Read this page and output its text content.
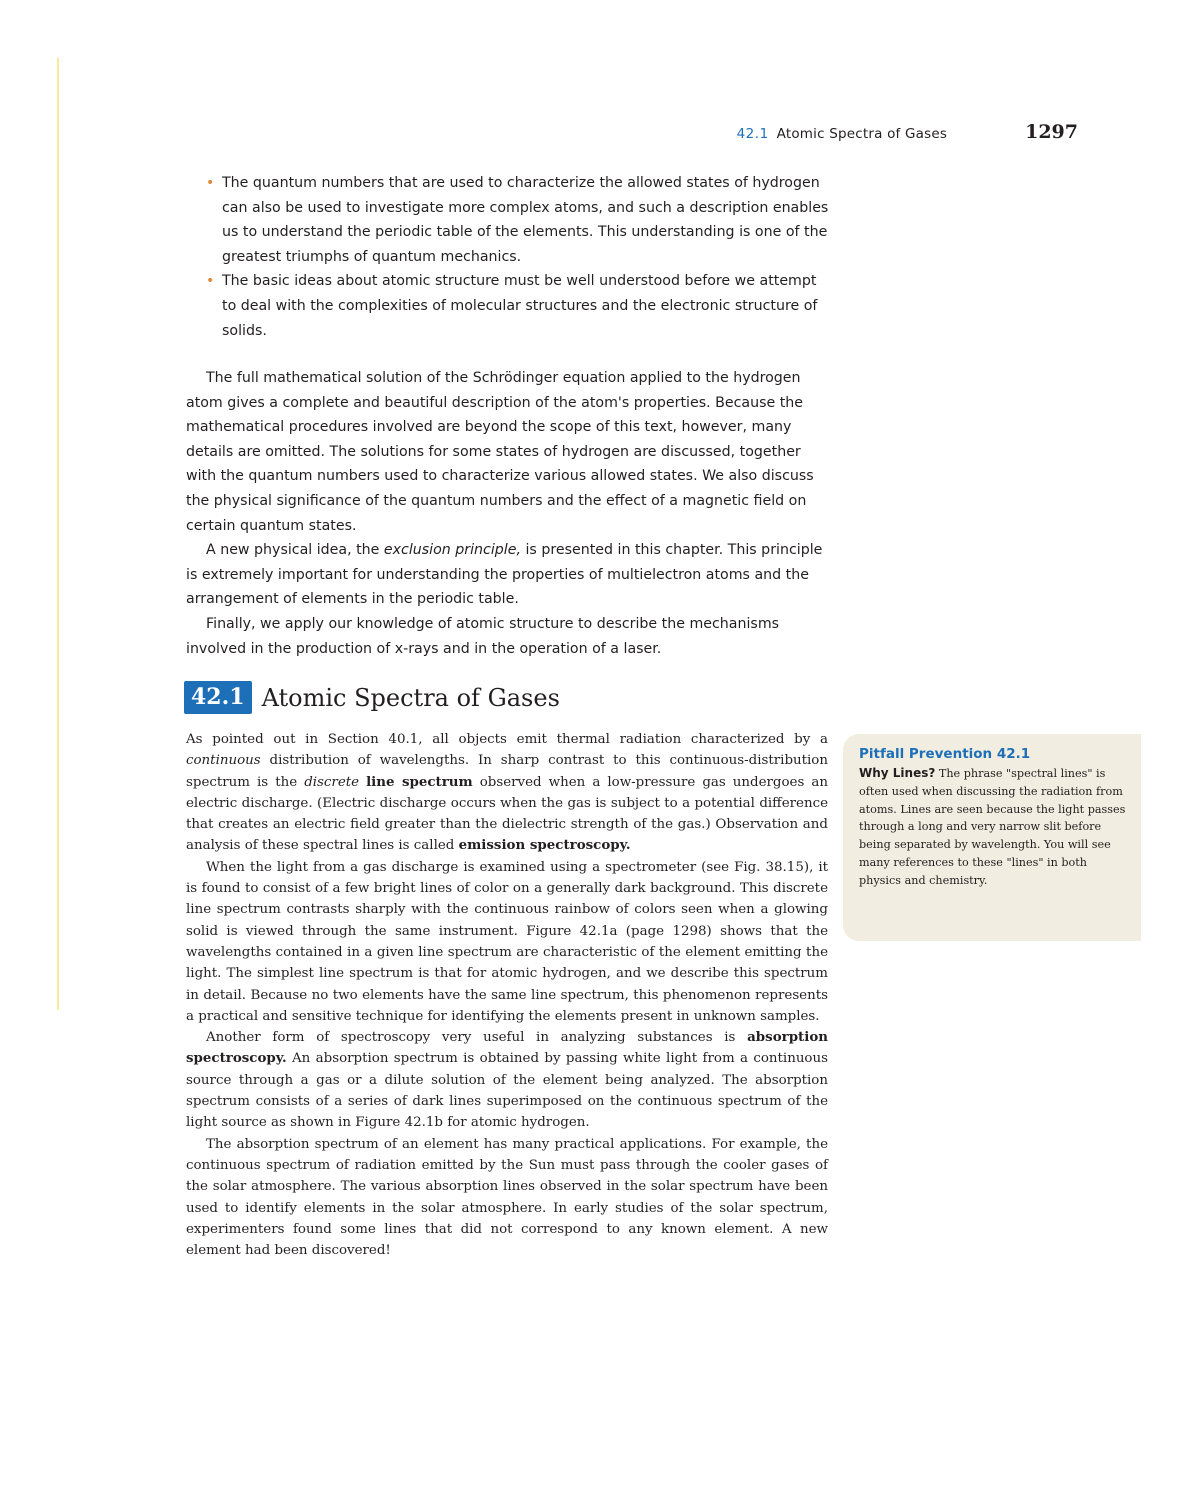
42.1 Atomic Spectra of Gases	1297

• The quantum numbers that are used to characterize the allowed states of hydrogen can also be used to investigate more complex atoms, and such a description enables us to understand the periodic table of the elements. This understanding is one of the greatest triumphs of quantum mechanics.

• The basic ideas about atomic structure must be well understood before we attempt to deal with the complexities of molecular structures and the electronic structure of solids.

The full mathematical solution of the Schrödinger equation applied to the hydrogen atom gives a complete and beautiful description of the atom's properties. Because the mathematical procedures involved are beyond the scope of this text, however, many details are omitted. The solutions for some states of hydrogen are discussed, together with the quantum numbers used to characterize various allowed states. We also discuss the physical significance of the quantum numbers and the effect of a magnetic field on certain quantum states.

A new physical idea, the exclusion principle, is presented in this chapter. This principle is extremely important for understanding the properties of multielectron atoms and the arrangement of elements in the periodic table.

Finally, we apply our knowledge of atomic structure to describe the mechanisms involved in the production of x-rays and in the operation of a laser.

42.1 Atomic Spectra of Gases

As pointed out in Section 40.1, all objects emit thermal radiation characterized by a continuous distribution of wavelengths. In sharp contrast to this continuous-distribution spectrum is the discrete line spectrum observed when a low-pressure gas undergoes an electric discharge. (Electric discharge occurs when the gas is subject to a potential difference that creates an electric field greater than the dielectric strength of the gas.) Observation and analysis of these spectral lines is called emission spectroscopy.

When the light from a gas discharge is examined using a spectrometer (see Fig. 38.15), it is found to consist of a few bright lines of color on a generally dark background. This discrete line spectrum contrasts sharply with the continuous rainbow of colors seen when a glowing solid is viewed through the same instrument. Figure 42.1a (page 1298) shows that the wavelengths contained in a given line spectrum are characteristic of the element emitting the light. The simplest line spectrum is that for atomic hydrogen, and we describe this spectrum in detail. Because no two elements have the same line spectrum, this phenomenon represents a practical and sensitive technique for identifying the elements present in unknown samples.

Another form of spectroscopy very useful in analyzing substances is absorption spectroscopy. An absorption spectrum is obtained by passing white light from a continuous source through a gas or a dilute solution of the element being analyzed. The absorption spectrum consists of a series of dark lines superimposed on the continuous spectrum of the light source as shown in Figure 42.1b for atomic hydrogen.

The absorption spectrum of an element has many practical applications. For example, the continuous spectrum of radiation emitted by the Sun must pass through the cooler gases of the solar atmosphere. The various absorption lines observed in the solar spectrum have been used to identify elements in the solar atmosphere. In early studies of the solar spectrum, experimenters found some lines that did not correspond to any known element. A new element had been discovered!

Pitfall Prevention 42.1
Why Lines? The phrase "spectral lines" is often used when discussing the radiation from atoms. Lines are seen because the light passes through a long and very narrow slit before being separated by wavelength. You will see many references to these "lines" in both physics and chemistry.
